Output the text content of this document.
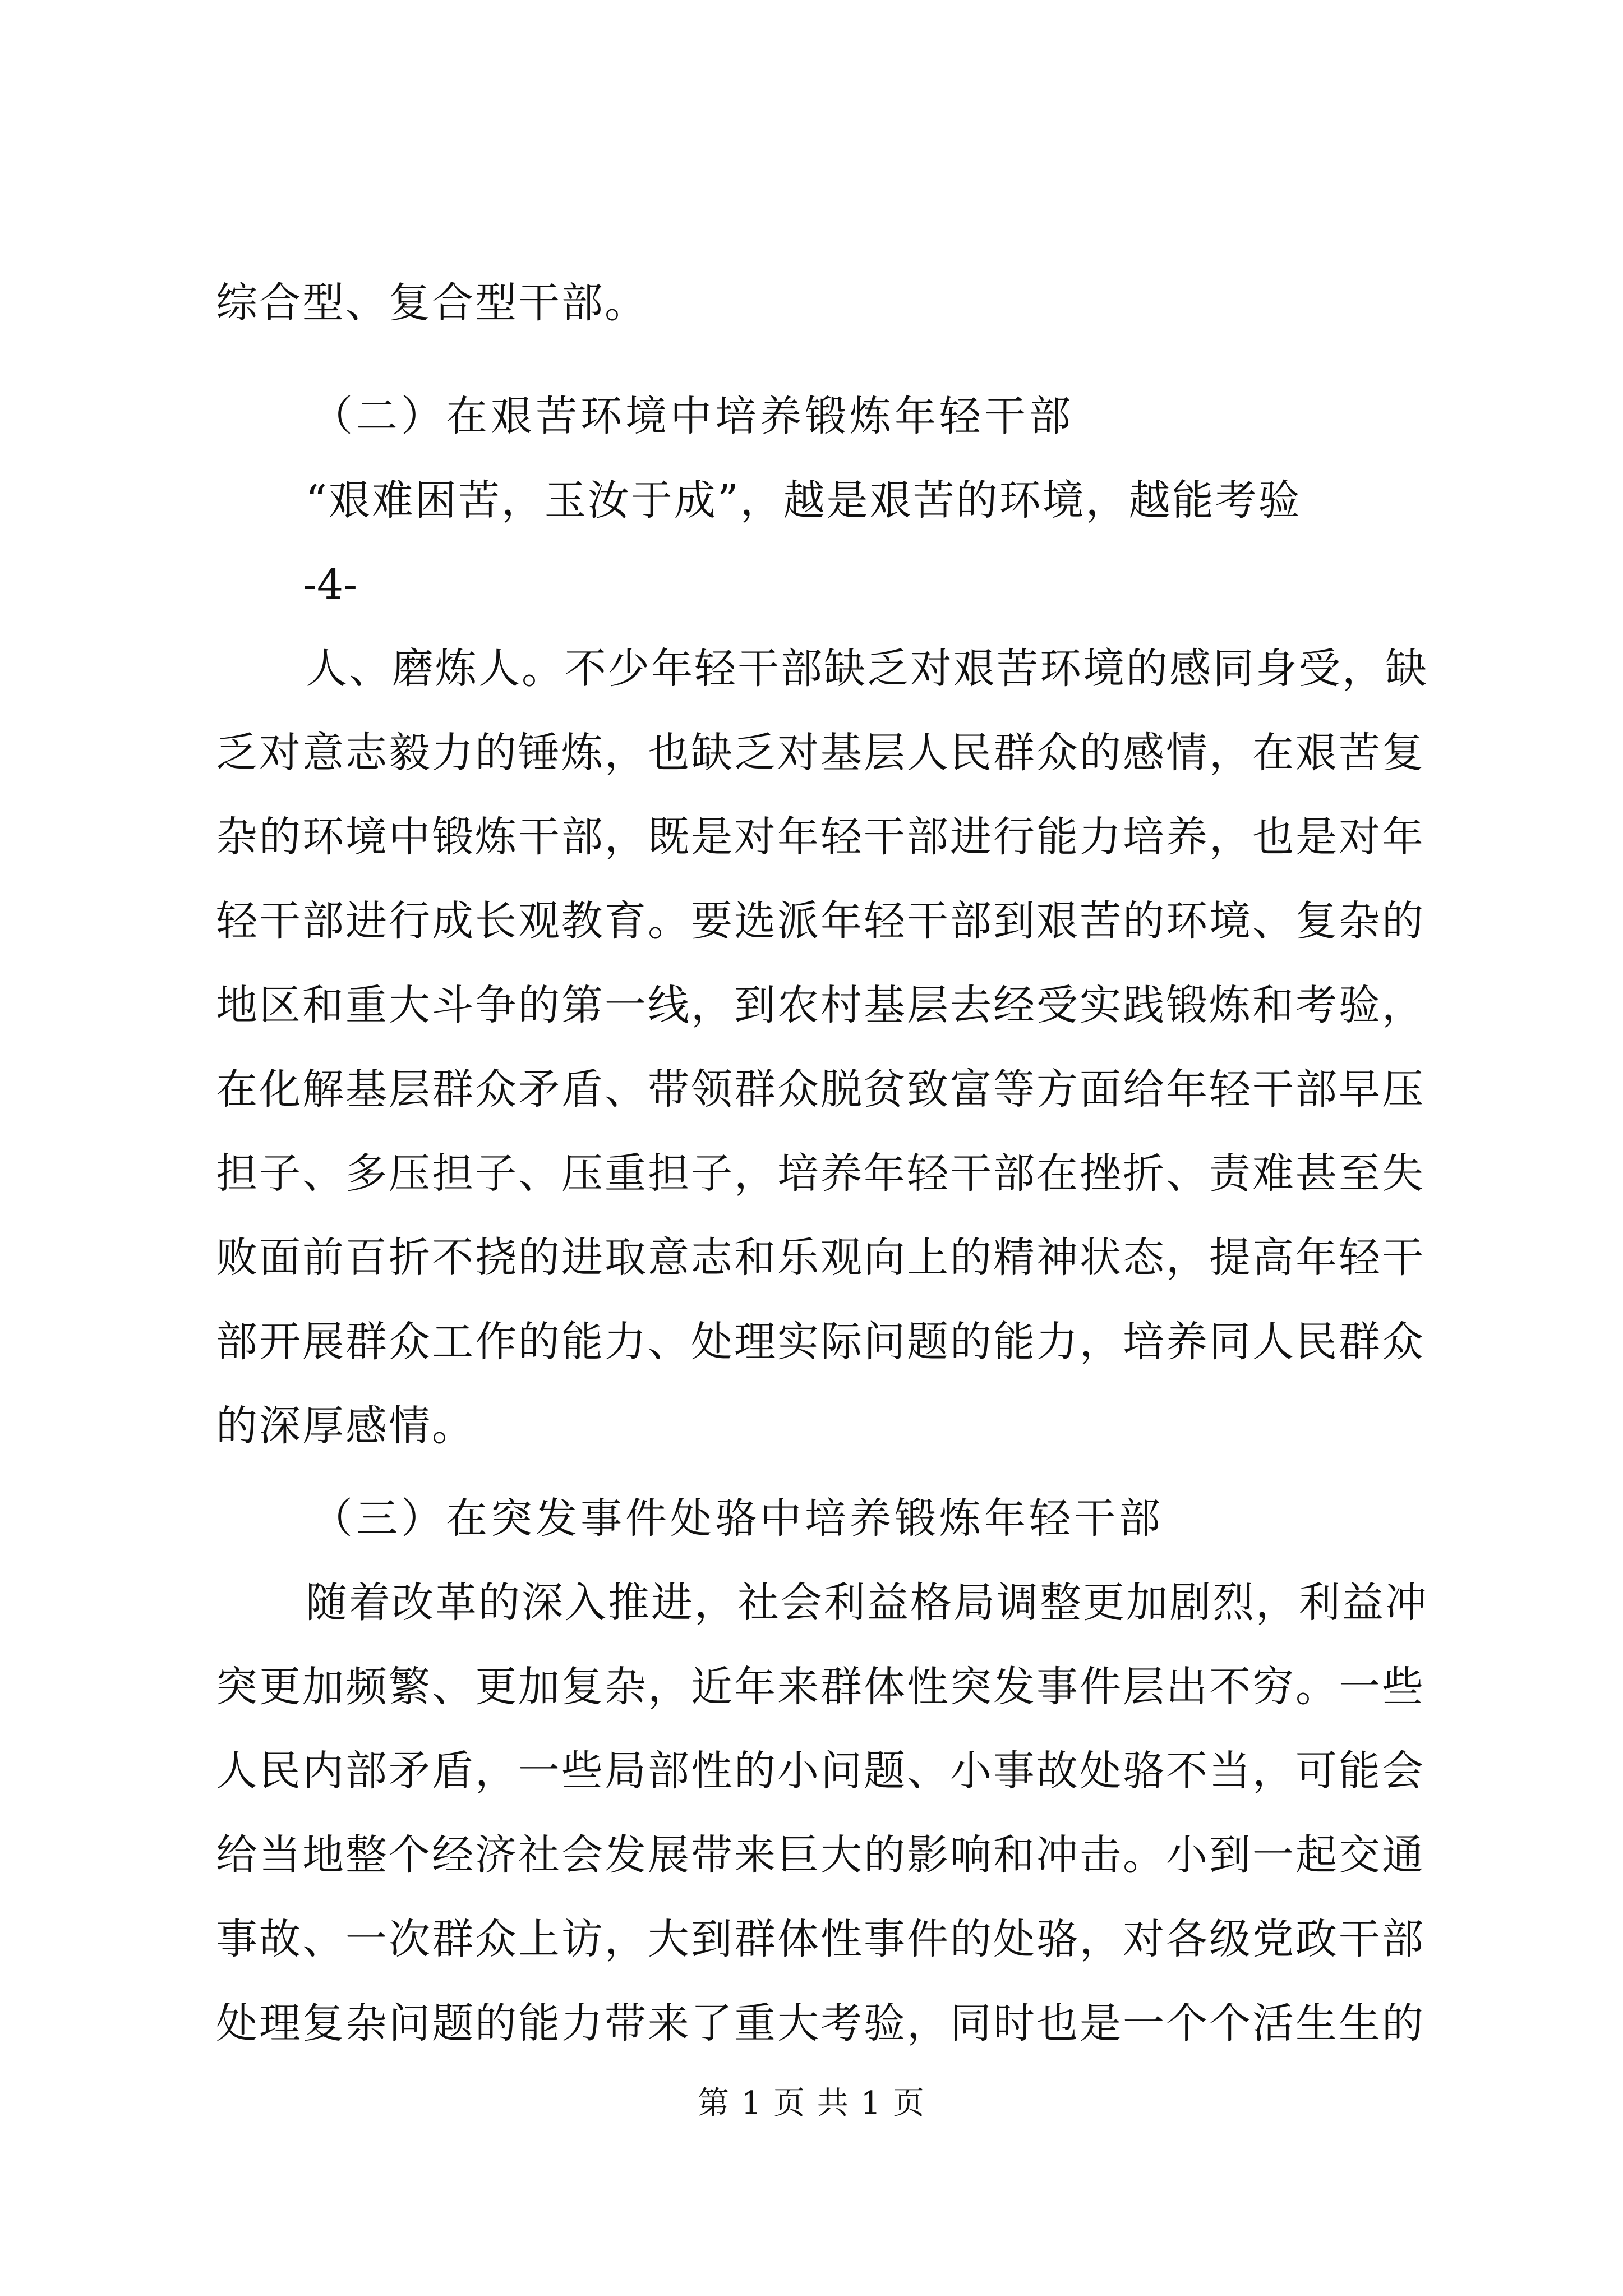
综合型、复合型干部。
（二）在艰苦环境中培养锻炼年轻干部
“艰难困苦，玉汝于成”，越是艰苦的环境，越能考验
-4-
人、磨炼人。不少年轻干部缺乏对艰苦环境的感同身受，缺
乏对意志毅力的锤炼，也缺乏对基层人民群众的感情，在艰苦复
杂的环境中锻炼干部，既是对年轻干部进行能力培养，也是对年
轻干部进行成长观教育。要选派年轻干部到艰苦的环境、复杂的
地区和重大斗争的第一线，到农村基层去经受实践锻炼和考验，
在化解基层群众矛盾、带领群众脱贫致富等方面给年轻干部早压
担子、多压担子、压重担子，培养年轻干部在挫折、责难甚至失
败面前百折不挠的进取意志和乐观向上的精神状态，提高年轻干
部开展群众工作的能力、处理实际问题的能力，培养同人民群众
的深厚感情。
（三）在突发事件处骆中培养锻炼年轻干部
随着改革的深入推进，社会利益格局调整更加剧烈，利益冲
突更加频繁、更加复杂，近年来群体性突发事件层出不穷。一些
人民内部矛盾，一些局部性的小问题、小事故处骆不当，可能会
给当地整个经济社会发展带来巨大的影响和冲击。小到一起交通
事故、一次群众上访，大到群体性事件的处骆，对各级党政干部
处理复杂问题的能力带来了重大考验，同时也是一个个活生生的
第 1 页 共 1 页
